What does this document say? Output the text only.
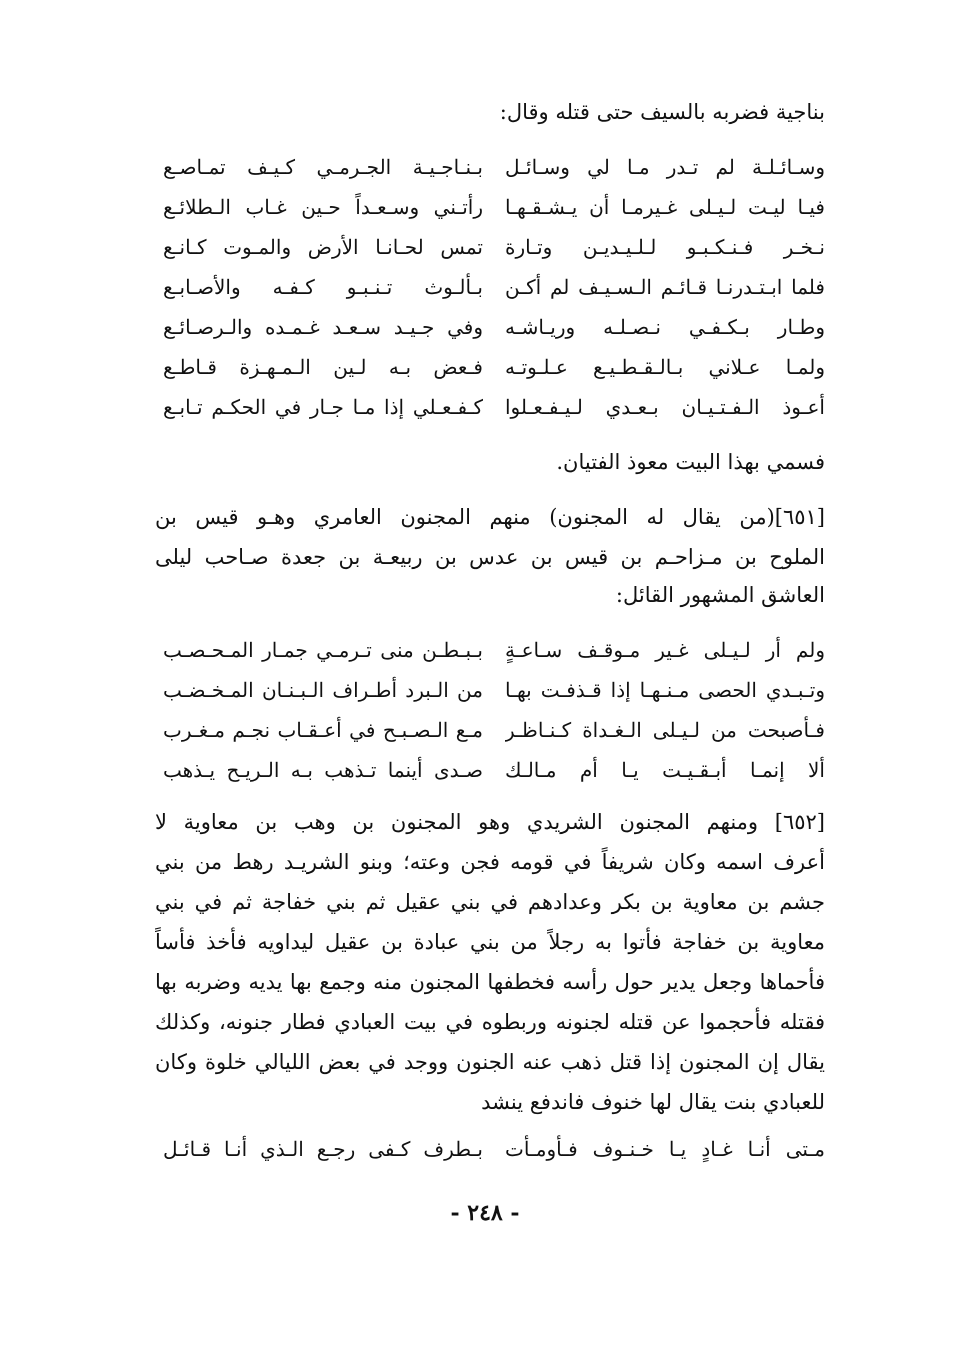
بناجية فضربه بالسيف حتى قتله وقال:
وسـائـلـة لم تـدر مـا لي وسـائـل
بـنـاجـيـة الجـرمـي كـيـف تمـاصـع
فيـا ليـت لـيـلى غـيرمـا أن يـشـقـهـا
رأتـني وسـعـداً حـين غـاب الـطلائـع
نـخـر فـنـكـبـو لـلـيـديـن وتـارة
تمس لحـانـا الأرض والمـوت كـانـع
فلما ابـتـدرنـا قـائـم الـسـيـف لم أكـن
بـألـوث تـنـبـو كـفـه والأصـابـع
وطـار بـكـفـي نـصـلـه وريـاشـه
وفي جـيـد سـعـد غـمـده والـرصـائـع
ولمـا عـلاني بـالـقـطـيـع عـلـوتـه
فـعض بـه لـين الـمـهـزة قـاطـع
أعـوذ الـفـتـيـان بـعـدي لـيـفـعـلوا
كـفـعـلي إذا مـا جـار في الحكـم تـابـع
فسمي بهذا البيت معوذ الفتيان.
[٦٥١](من يقال له المجنون) منهم المجنون العامري وهـو قيس بن
الملوح بن مـزاحـم بن قيس بن عدس بن ربيعـة بن جعدة صـاحب ليلى
العاشق المشهور القائل:
ولم أر لـيـلى غـير مـوقـف سـاعـةٍ
بـبـطـن منى تـرمـي جمـار المـحـصـب
وتـبـدي الحصى مـنـهـا إذا قـذفـت بهـا
من الـبرد أطـراف الـبـنـان المـخـضـب
فـأصبحت من لـيـلى الـغـداة كـنـاظـر
مـع الـصـبـح في أعـقـاب نجـم مـغـرب
ألا إنمـا أبـقـيـت يـا أم مـالـك
صـدى أينما تـذهب بـه الـريـح يـذهب
[٦٥٢] ومنهم المجنون الشريدي وهو المجنون بن وهب بن معاوية لا
أعرف اسمه وكان شريفاً في قومه فجن وعته؛ وبنو الشريـد رهط من بني
جشم بن معاوية بن بكر وعدادهم في بني عقيل ثم بني خفاجة ثم في بني
معاوية بن خفاجة فأتوا به رجلاً من بني عبادة بن عقيل ليداويه فأخذ فأساً
فأحماها وجعل يدير حول رأسه فخطفها المجنون منه وجمع بها يديه وضربه بها
فقتله فأحجموا عن قتله لجنونه وربطوه في بيت العبادي فطار جنونه، وكذلك
يقال إن المجنون إذا قتل ذهب عنه الجنون ووجد في بعض الليالي خلوة وكان
للعبادي بنت يقال لها خنوف فاندفع ينشد
مـتى أنـا غـادٍ يـا خـنـوف فـأومـأت
بـطرف كـفى رجـع الـذي أنـا قـائـل
- ٢٤٨ -
